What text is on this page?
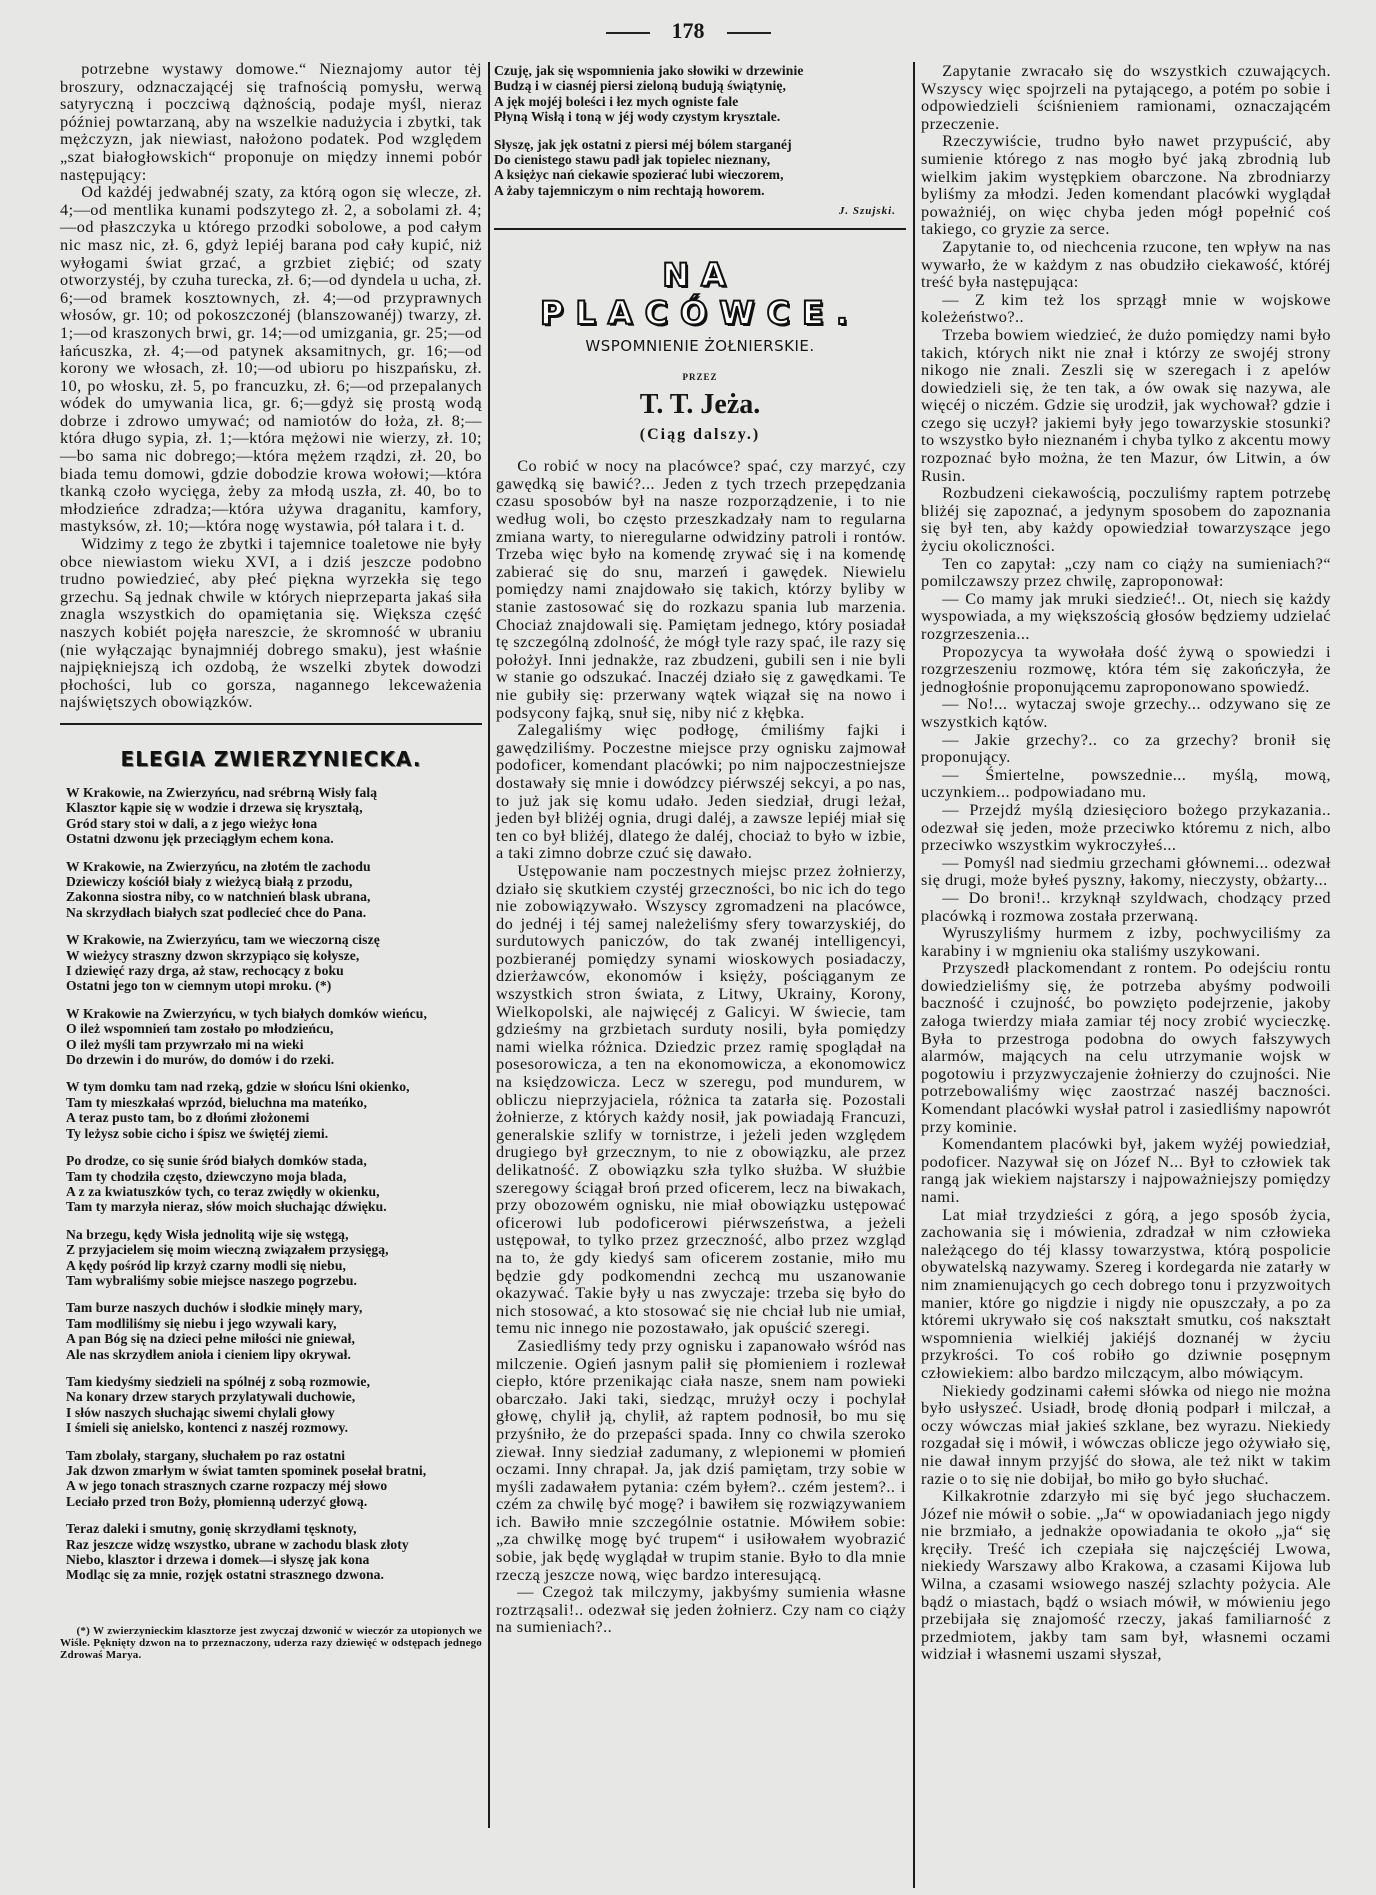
178

potrzebne wystawy domowe.“ Nieznajomy autor tėj broszury, odznaczającéj się trafnością pomysłu, werwą satyryczną i poczciwą dążnością, podaje myśl, nieraz później powtarzaną, aby na wszelkie nadużycia i zbytki, tak mężczyzn, jak niewiast, nałożono podatek. Pod względem „szat białogłowskich“ proponuje on między innemi pobór następujący:

Od każdéj jedwabnéj szaty, za którą ogon się wlecze, zł. 4;—od mentlika kunami podszytego zł. 2, a sobolami zł. 4;—od płaszczyka u którego przodki sobolowe, a pod całym nic masz nic, zł. 6, gdyż lepiéj barana pod cały kupić, niż wyłogami świat grzać, a grzbiet ziębić; od szaty otworzystéj, by czuha turecka, zł. 6;—od dyndela u ucha, zł. 6;—od bramek kosztownych, zł. 4;—od przyprawnych włosów, gr. 10; od pokoszczonéj (blanszowanéj) twarzy, zł. 1;—od kraszonych brwi, gr. 14;—od umizgania, gr. 25;—od łańcuszka, zł. 4;—od patynek aksamitnych, gr. 16;—od korony we włosach, zł. 10;—od ubioru po hiszpańsku, zł. 10, po włosku, zł. 5, po francuzku, zł. 6;—od przepalanych wódek do umywania lica, gr. 6;—gdyż się prostą wodą dobrze i zdrowo umywać; od namiotów do łoża, zł. 8;—która długo sypia, zł. 1;—która mężowi nie wierzy, zł. 10;—bo sama nic dobrego;—która mężem rządzi, zł. 20, bo biada temu domowi, gdzie dobodzie krowa wołowi;—która tkanką czoło wycięga, żeby za młodą uszła, zł. 40, bo to młodzieńce zdradza;—która używa draganitu, kamfory, mastyksów, zł. 10;—która nogę wystawia, pół talara i t. d.

Widzimy z tego że zbytki i tajemnice toaletowe nie były obce niewiastom wieku XVI, a i dziś jeszcze podobno trudno powiedzieć, aby płeć piękna wyrzekła się tego grzechu. Są jednak chwile w których nieprzeparta jakaś siła znagla wszystkich do opamiętania się. Większa część naszych kobiét pojęła nareszcie, że skromność w ubraniu (nie wyłączając bynajmniéj dobrego smaku), jest właśnie najpiękniejszą ich ozdobą, że wszelki zbytek dowodzi płochości, lub co gorsza, nagannego lekceważenia najświętszych obowiązków.

ELEGIA ZWIERZYNIECKA.
W Krakowie, na Zwierzyńcu, nad srébrną Wisły falą
Klasztor kąpie się w wodzie i drzewa się kryształą,
Gród stary stoi w dali, a z jego wieżyc łona
Ostatni dzwonu jęk przeciągłym echem kona.
W Krakowie, na Zwierzyńcu, na złotém tle zachodu
Dziewiczy kościół biały z wieżycą białą z przodu,
Zakonna siostra niby, co w natchnień blask ubrana,
Na skrzydłach białych szat podlecieć chce do Pana.
W Krakowie, na Zwierzyńcu, tam we wieczorną ciszę
W wieżycy straszny dzwon skrzypiąco się kołysze,
I dziewięć razy drga, aż staw, rechocący z boku
Ostatni jego ton w ciemnym utopi mroku. (*)
W Krakowie na Zwierzyńcu, w tych białych domków wieńcu,
O ileż wspomnień tam zostało po młodzieńcu,
O ileż myśli tam przywrzało mi na wieki
Do drzewin i do murów, do domów i do rzeki.
W tym domku tam nad rzeką, gdzie w słońcu lśni okienko,
Tam ty mieszkałaś wprzód, bieluchna ma mateńko,
A teraz pusto tam, bo z dłońmi złożonemi
Ty leżysz sobie cicho i śpisz we świętéj ziemi.
Po drodze, co się sunie śród białych domków stada,
Tam ty chodziła często, dziewczyno moja blada,
A z za kwiatuszków tych, co teraz zwiędły w okienku,
Tam ty marzyła nieraz, słów moich słuchając dźwięku.
Na brzegu, kędy Wisła jednolitą wije się wstęgą,
Z przyjacielem się moim wieczną związałem przysięgą,
A kędy pośród lip krzyż czarny modli się niebu,
Tam wybraliśmy sobie miejsce naszego pogrzebu.
Tam burze naszych duchów i słodkie minęły mary,
Tam modliliśmy się niebu i jego wzywali kary,
A pan Bóg się na dzieci pełne miłości nie gniewał,
Ale nas skrzydłem anioła i cieniem lipy okrywał.
Tam kiedyśmy siedzieli na spólnéj z sobą rozmowie,
Na konary drzew starych przylatywali duchowie,
I słów naszych słuchając siwemi chylali głowy
I śmieli się anielsko, kontenci z naszéj rozmowy.
Tam zbolały, stargany, słuchałem po raz ostatni
Jak dzwon zmarłym w świat tamten spominek posełał bratni,
A w jego tonach strasznych czarne rozpaczy méj słowo
Leciało przed tron Boży, płomienną uderzyć głową.
Teraz daleki i smutny, gonię skrzydłami tęsknoty,
Raz jeszcze widzę wszystko, ubrane w zachodu blask złoty
Niebo, klasztor i drzewa i domek—i słyszę jak kona
Modląc się za mnie, rozjęk ostatni strasznego dzwona.
(*) W zwierzynieckim klasztorze jest zwyczaj dzwonić w wieczór za utopionych we Wiśle. Pęknięty dzwon na to przeznaczony, uderza razy dziewięć w odstępach jednego Zdrowaś Marya.
Czuję, jak się wspomnienia jako słowiki w drzewinie
Budzą i w ciasnéj piersi zieloną budują świątynię,
A jęk mojéj boleści i łez mych ogniste fale
Płyną Wisłą i toną w jéj wody czystym krysztale.
Słyszę, jak jęk ostatni z piersi méj bólem starganéj
Do cienistego stawu padł jak topielec nieznany,
A księżyc nań ciekawie spozierać lubi wieczorem,
A żaby tajemniczym o nim rechtają howorem.
J. Szujski.
NA PLACÓWCE.
WSPOMNIENIE ŻOŁNIERSKIE.
PRZEZ
T. T. Jeża.
(Ciąg dalszy.)

Co robić w nocy na placówce? spać, czy marzyć, czy gawędką się bawić?... Jeden z tych trzech przepędzania czasu sposobów był na nasze rozporządzenie, i to nie według woli, bo często przeszkadzały nam to regularna zmiana warty, to nieregularne odwidziny patroli i rontów. Trzeba więc było na komendę zrywać się i na komendę zabierać się do snu, marzeń i gawędek. Niewielu pomiędzy nami znajdowało się takich, którzy byliby w stanie zastosować się do rozkazu spania lub marzenia. Chociaż znajdowali się. Pamiętam jednego, który posiadał tę szczególną zdolność, że mógł tyle razy spać, ile razy się położył. Inni jednakże, raz zbudzeni, gubili sen i nie byli w stanie go odszukać. Inaczéj działo się z gawędkami. Te nie gubiły się: przerwany wątek wiązał się na nowo i podsycony fajką, snuł się, niby nić z kłębka.

Zalegaliśmy więc podłogę, ćmiliśmy fajki i gawędziliśmy. Poczestne miejsce przy ognisku zajmował podoficer, komendant placówki; po nim najpoczestniejsze dostawały się mnie i dowódzcy piérwszéj sekcyi, a po nas, to już jak się komu udało. Jeden siedział, drugi leżał, jeden był bliżéj ognia, drugi daléj, a zawsze lepiéj miał się ten co był bliżéj, dlatego że daléj, chociaż to było w izbie, a taki zimno dobrze czuć się dawało.

Ustępowanie nam poczestnych miejsc przez żołnierzy, działo się skutkiem czystéj grzeczności, bo nic ich do tego nie zobowiązywało. Wszyscy zgromadzeni na placówce, do jednéj i téj samej należeliśmy sfery towarzyskiéj, do surdutowych paniczów, do tak zwanéj intelligencyi, pozbieranéj pomiędzy synami wioskowych posiadaczy, dzierżawców, ekonomów i księży, pościąganym ze wszystkich stron świata, z Litwy, Ukrainy, Korony, Wielkopolski, ale najwięcéj z Galicyi. W świecie, tam gdzieśmy na grzbietach surduty nosili, była pomiędzy nami wielka różnica. Dziedzic przez ramię spoglądał na posesorowicza, a ten na ekonomowicza, a ekonomowicz na księdzowicza. Lecz w szeregu, pod mundurem, w obliczu nieprzyjaciela, różnica ta zatarła się. Pozostali żołnierze, z których każdy nosił, jak powiadają Francuzi, generalskie szlify w tornistrze, i jeżeli jeden względem drugiego był grzecznym, to nie z obowiązku, ale przez delikatność. Z obowiązku szła tylko służba. W służbie szeregowy ściągał broń przed oficerem, lecz na biwakach, przy obozowém ognisku, nie miał obowiązku ustępować oficerowi lub podoficerowi piérwszeństwa, a jeżeli ustępował, to tylko przez grzeczność, albo przez wzgląd na to, że gdy kiedyś sam oficerem zostanie, miło mu będzie gdy podkomendni zechcą mu uszanowanie okazywać. Takie były u nas zwyczaje: trzeba się było do nich stosować, a kto stosować się nie chciał lub nie umiał, temu nic innego nie pozostawało, jak opuścić szeregi.

Zasiedliśmy tedy przy ognisku i zapanowało wśród nas milczenie. Ogień jasnym palił się płomieniem i rozlewał ciepło, które przenikając ciała nasze, snem nam powieki obarczało. Jaki taki, siedząc, mrużył oczy i pochylał głowę, chylił ją, chylił, aż raptem podnosił, bo mu się przyśniło, że do przepaści spada. Inny co chwila szeroko ziewał. Inny siedział zadumany, z wlepionemi w płomień oczami. Inny chrapał. Ja, jak dziś pamiętam, trzy sobie w myśli zadawałem pytania: czém byłem?.. czém jestem?.. i czém za chwilę być mogę? i bawiłem się rozwiązywaniem ich. Bawiło mnie szczególnie ostatnie. Mówiłem sobie: „za chwilkę mogę być trupem“ i usiłowałem wyobrazić sobie, jak będę wyglądał w trupim stanie. Było to dla mnie rzeczą jeszcze nową, więc bardzo interesującą.

— Czegoż tak milczymy, jakbyśmy sumienia własne roztrząsali!.. odezwał się jeden żołnierz. Czy nam co ciąży na sumieniach?..

Zapytanie zwracało się do wszystkich czuwających. Wszyscy więc spojrzeli na pytającego, a potém po sobie i odpowiedzieli ściśnieniem ramionami, oznaczającém przeczenie.

Rzeczywiście, trudno było nawet przypuścić, aby sumienie którego z nas mogło być jaką zbrodnią lub wielkim jakim występkiem obarczone. Na zbrodniarzy byliśmy za młodzi. Jeden komendant placówki wyglądał poważniéj, on więc chyba jeden mógł popełnić coś takiego, co gryzie za serce.

Zapytanie to, od niechcenia rzucone, ten wpływ na nas wywarło, że w każdym z nas obudziło ciekawość, któréj treść była następująca:

— Z kim też los sprzągł mnie w wojskowe koleżeństwo?..

Trzeba bowiem wiedzieć, że dużo pomiędzy nami było takich, których nikt nie znał i którzy ze swojéj strony nikogo nie znali. Zeszli się w szeregach i z apelów dowiedzieli się, że ten tak, a ów owak się nazywa, ale więcéj o niczém. Gdzie się urodził, jak wychował? gdzie i czego się uczył? jakiemi były jego towarzyskie stosunki? to wszystko było nieznaném i chyba tylko z akcentu mowy rozpoznać było można, że ten Mazur, ów Litwin, a ów Rusin.

Rozbudzeni ciekawością, poczuliśmy raptem potrzebę bliżéj się zapoznać, a jedynym sposobem do zapoznania się był ten, aby każdy opowiedział towarzyszące jego życiu okoliczności.

Ten co zapytał: „czy nam co ciąży na sumieniach?“ pomilczawszy przez chwilę, zaproponował:

— Co mamy jak mruki siedzieć!.. Ot, niech się każdy wyspowiada, a my większością głosów będziemy udzielać rozgrzeszenia...

Propozycya ta wywołała dość żywą o spowiedzi i rozgrzeszeniu rozmowę, która tém się zakończyła, że jednogłośnie proponującemu zaproponowano spowiedź.

— No!... wytaczaj swoje grzechy... odzywano się ze wszystkich kątów.

— Jakie grzechy?.. co za grzechy? bronił się proponujący.

— Śmiertelne, powszednie... myślą, mową, uczynkiem... podpowiadano mu.

— Przejdź myślą dziesięcioro bożego przykazania.. odezwał się jeden, może przeciwko któremu z nich, albo przeciwko wszystkim wykroczyłeś...

— Pomyśl nad siedmiu grzechami głównemi... odezwał się drugi, może byłeś pyszny, łakomy, nieczysty, obżarty...

— Do broni!.. krzyknął szyldwach, chodzący przed placówką i rozmowa została przerwaną.

Wyruszyliśmy hurmem z izby, pochwyciliśmy za karabiny i w mgnieniu oka staliśmy uszykowani.

Przyszedł plackomendant z rontem. Po odejściu rontu dowiedzieliśmy się, że potrzeba abyśmy podwoili baczność i czujność, bo powzięto podejrzenie, jakoby załoga twierdzy miała zamiar téj nocy zrobić wycieczkę. Była to przestroga podobna do owych fałszywych alarmów, mających na celu utrzymanie wojsk w pogotowiu i przyzwyczajenie żołnierzy do czujności. Nie potrzebowaliśmy więc zaostrzać naszéj baczności. Komendant placówki wysłał patrol i zasiedliśmy napowrót przy kominie.

Komendantem placówki był, jakem wyżéj powiedział, podoficer. Nazywał się on Józef N... Był to człowiek tak rangą jak wiekiem najstarszy i najpoważniejszy pomiędzy nami.

Lat miał trzydzieści z górą, a jego sposób życia, zachowania się i mówienia, zdradzał w nim człowieka należącego do téj klassy towarzystwa, którą pospolicie obywatelską nazywamy. Szereg i kordegarda nie zatarły w nim znamienujących go cech dobrego tonu i przyzwoitych manier, które go nigdzie i nigdy nie opuszczały, a po za któremi ukrywało się coś nakształt smutku, coś nakształt wspomnienia wielkiéj jakiéjś doznanéj w życiu przykrości. To coś robiło go dziwnie posępnym człowiekiem: albo bardzo milczącym, albo mówiącym.

Niekiedy godzinami całemi słówka od niego nie można było usłyszeć. Usiadł, brodę dłonią podparł i milczał, a oczy wówczas miał jakieś szklane, bez wyrazu. Niekiedy rozgadał się i mówił, i wówczas oblicze jego ożywiało się, nie dawał innym przyjść do słowa, ale też nikt w takim razie o to się nie dobijał, bo miło go było słuchać.

Kilkakrotnie zdarzyło mi się być jego słuchaczem. Józef nie mówił o sobie. „Ja“ w opowiadaniach jego nigdy nie brzmiało, a jednakże opowiadania te około „ja“ się kręciły. Treść ich czepiała się najczęściéj Lwowa, niekiedy Warszawy albo Krakowa, a czasami Kijowa lub Wilna, a czasami wsiowego naszéj szlachty pożycia. Ale bądź o miastach, bądź o wsiach mówił, w mówieniu jego przebijała się znajomość rzeczy, jakaś familiarność z przedmiotem, jakby tam sam był, własnemi oczami widział i własnemi uszami słyszał,
